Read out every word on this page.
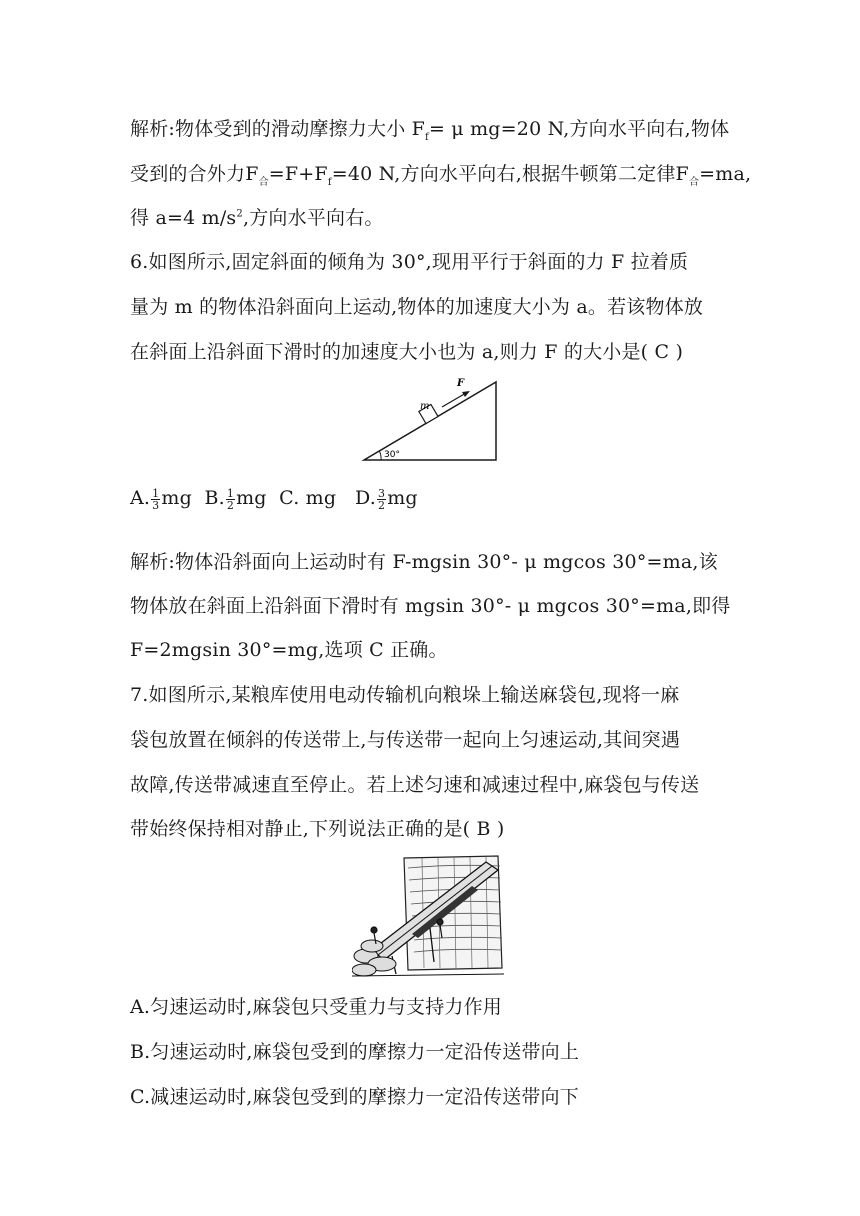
解析:物体受到的滑动摩擦力大小 $F_f= \mu$ mg=20 N,方向水平向右,物体
受到的合外力$F_合=F+F_f=40$ N,方向水平向右,根据牛顿第二定律$F_合=ma$,
得 a=4 $m/s^2$,方向水平向右。
6.如图所示,固定斜面的倾角为 30°,现用平行于斜面的力 F 拉着质
量为 m 的物体沿斜面向上运动,物体的加速度大小为 a。若该物体放
在斜面上沿斜面下滑时的加速度大小也为 a,则力 F 的大小是( C )
30°
F
m
A. $\frac{1}{3}$ mg B. $\frac{1}{2}$ mg C. mg D. $\frac{3}{2}$ mg
解析:物体沿斜面向上运动时有 F-mgsin 30°- μ mgcos 30°=ma,该
物体放在斜面上沿斜面下滑时有 mgsin 30°- μ mgcos 30°=ma,即得
F=2mgsin 30°=mg,选项 C 正确。
7.如图所示,某粮库使用电动传输机向粮垛上输送麻袋包,现将一麻
袋包放置在倾斜的传送带上,与传送带一起向上匀速运动,其间突遇
故障,传送带减速直至停止。若上述匀速和减速过程中,麻袋包与传送
带始终保持相对静止,下列说法正确的是( B )
A.匀速运动时,麻袋包只受重力与支持力作用
B.匀速运动时,麻袋包受到的摩擦力一定沿传送带向上
C.减速运动时,麻袋包受到的摩擦力一定沿传送带向下
